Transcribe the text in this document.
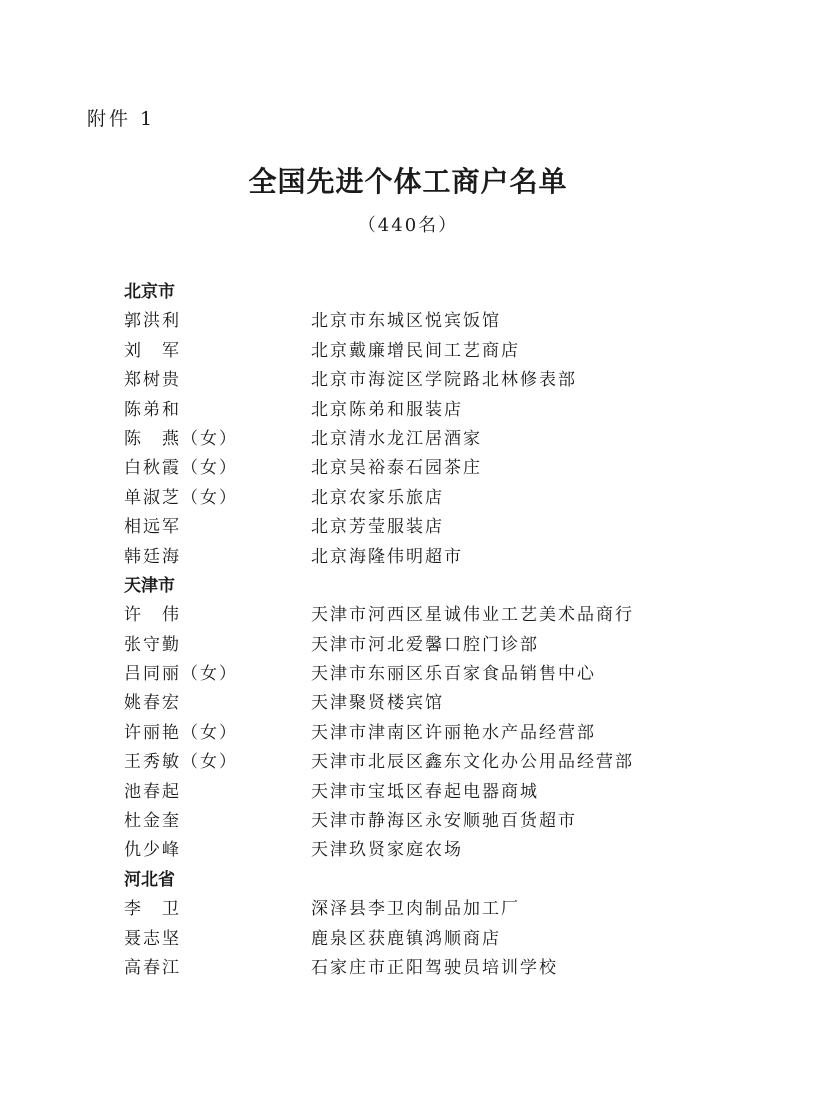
附件 1
全国先进个体工商户名单
（440名）
北京市
郭洪利	北京市东城区悦宾饭馆
刘　军	北京戴廉增民间工艺商店
郑树贵	北京市海淀区学院路北林修表部
陈弟和	北京陈弟和服装店
陈　燕（女）	北京清水龙江居酒家
白秋霞（女）	北京吴裕泰石园茶庄
单淑芝（女）	北京农家乐旅店
相远军	北京芳莹服装店
韩廷海	北京海隆伟明超市
天津市
许　伟	天津市河西区星诚伟业工艺美术品商行
张守勤	天津市河北爱馨口腔门诊部
吕同丽（女）	天津市东丽区乐百家食品销售中心
姚春宏	天津聚贤楼宾馆
许丽艳（女）	天津市津南区许丽艳水产品经营部
王秀敏（女）	天津市北辰区鑫东文化办公用品经营部
池春起	天津市宝坻区春起电器商城
杜金奎	天津市静海区永安顺驰百货超市
仇少峰	天津玖贤家庭农场
河北省
李　卫	深泽县李卫肉制品加工厂
聂志坚	鹿泉区获鹿镇鸿顺商店
高春江	石家庄市正阳驾驶员培训学校
